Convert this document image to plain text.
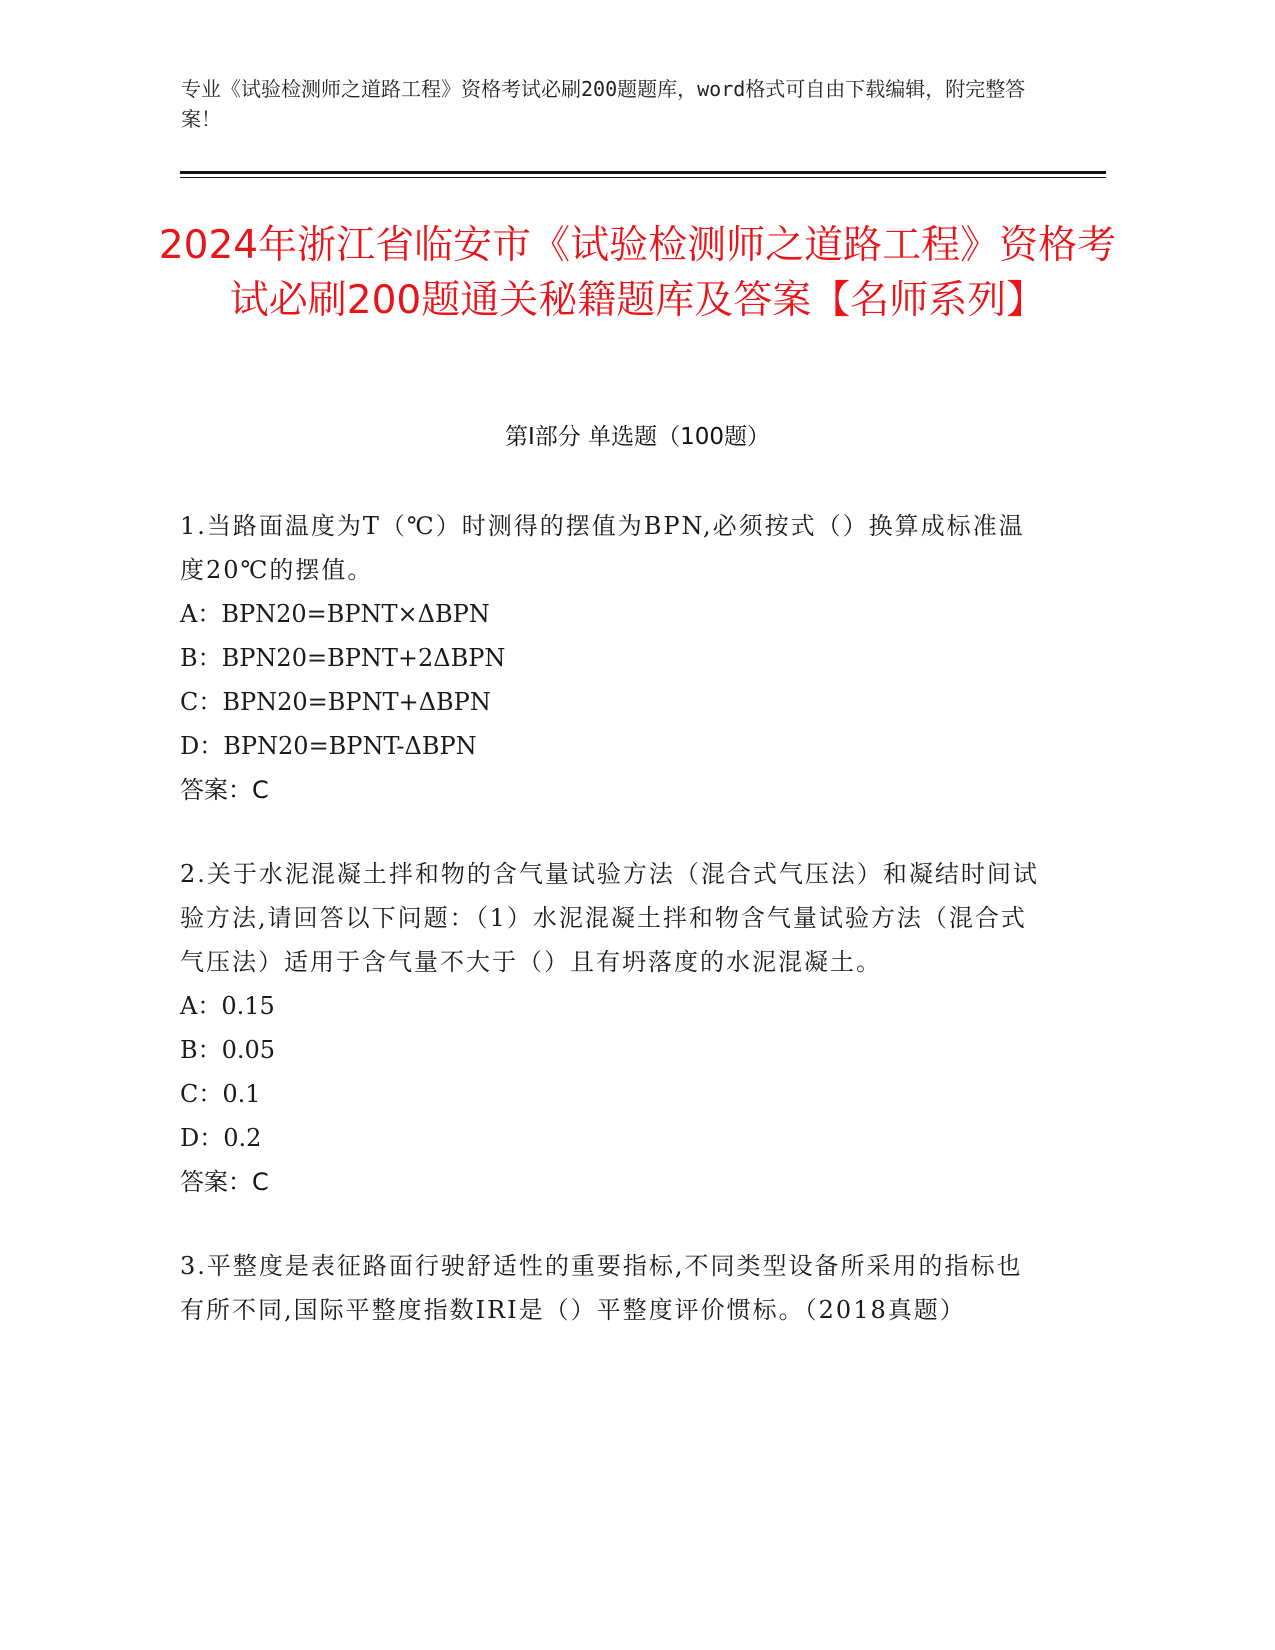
专业《试验检测师之道路工程》资格考试必刷200题题库，word格式可自由下载编辑，附完整答案！
2024年浙江省临安市《试验检测师之道路工程》资格考试必刷200题通关秘籍题库及答案【名师系列】
第Ⅰ部分 单选题（100题）
1.当路面温度为T（℃）时测得的摆值为BPN,必须按式（）换算成标准温度20℃的摆值。
A：BPN20=BPNT×ΔBPN
B：BPN20=BPNT+2ΔBPN
C：BPN20=BPNT+ΔBPN
D：BPN20=BPNT-ΔBPN
答案：C
2.关于水泥混凝土拌和物的含气量试验方法（混合式气压法）和凝结时间试验方法,请回答以下问题：（1）水泥混凝土拌和物含气量试验方法（混合式气压法）适用于含气量不大于（）且有坍落度的水泥混凝土。
A：0.15
B：0.05
C：0.1
D：0.2
答案：C
3.平整度是表征路面行驶舒适性的重要指标,不同类型设备所采用的指标也有所不同,国际平整度指数IRI是（）平整度评价惯标。（2018真题）
